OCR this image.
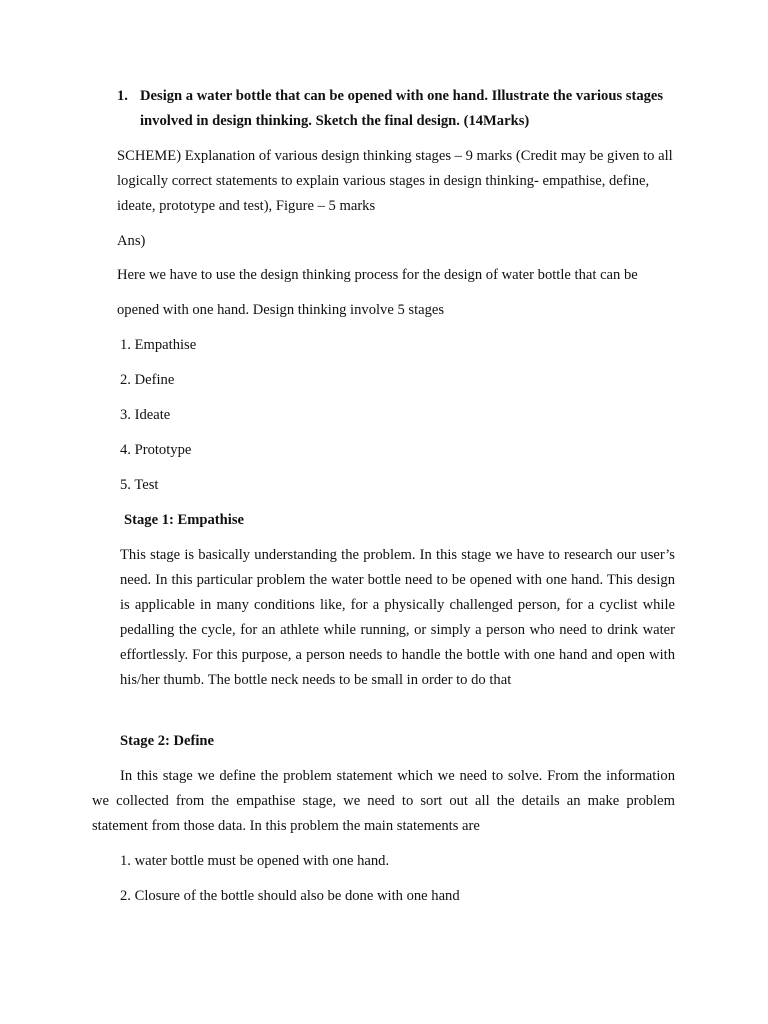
1. Design a water bottle that can be opened with one hand. Illustrate the various stages involved in design thinking. Sketch the final design. (14Marks)

SCHEME) Explanation of various design thinking stages – 9 marks (Credit may be given to all logically correct statements to explain various stages in design thinking- empathise, define, ideate, prototype and test), Figure – 5 marks

Ans)

Here we have to use the design thinking process for the design of water bottle that can be

opened with one hand. Design thinking involve 5 stages

1. Empathise

2. Define

3. Ideate

4. Prototype

5. Test

Stage 1: Empathise

This stage is basically understanding the problem. In this stage we have to research our user’s need. In this particular problem the water bottle need to be opened with one hand. This design is applicable in many conditions like, for a physically challenged person, for a cyclist while pedalling the cycle, for an athlete while running, or simply a person who need to drink water effortlessly. For this purpose, a person needs to handle the bottle with one hand and open with his/her thumb. The bottle neck needs to be small in order to do that

Stage 2: Define

In this stage we define the problem statement which we need to solve. From the information we collected from the empathise stage, we need to sort out all the details an make problem statement from those data. In this problem the main statements are

1. water bottle must be opened with one hand.

2. Closure of the bottle should also be done with one hand
